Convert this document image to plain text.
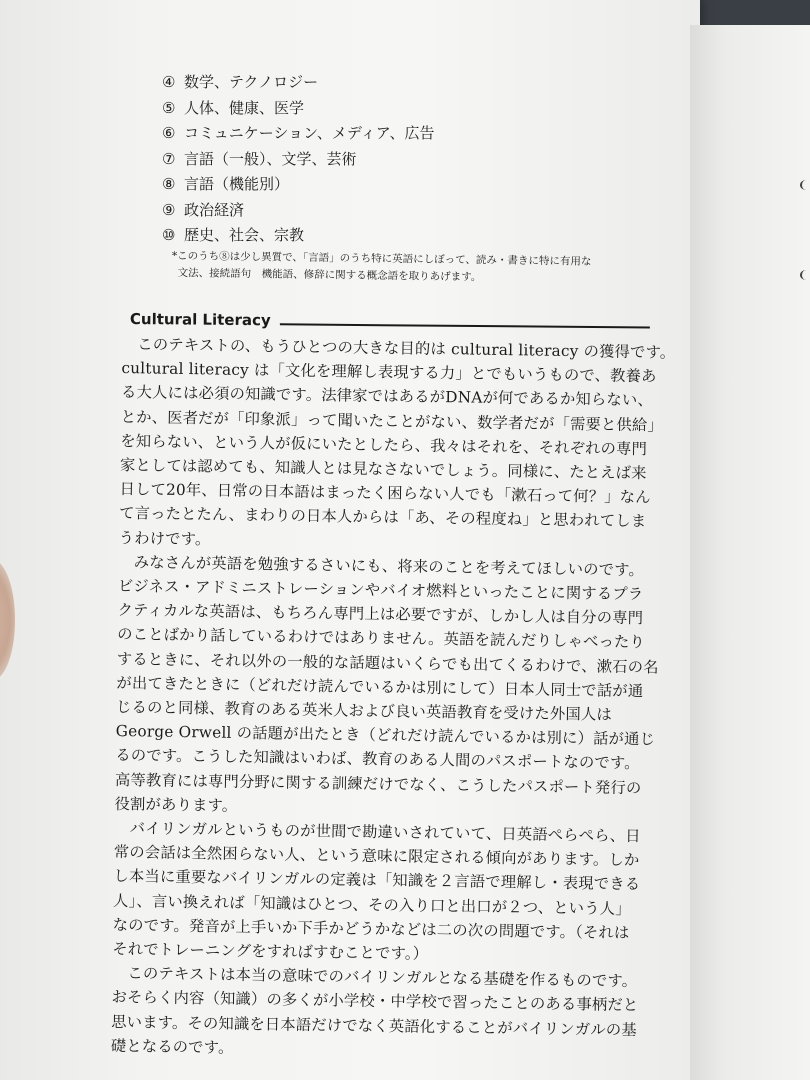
④ 数学、テクノロジー
⑤ 人体、健康、医学
⑥ コミュニケーション、メディア、広告
⑦ 言語（一般）、文学、芸術
⑧ 言語（機能別）
⑨ 政治経済
⑩ 歴史、社会、宗教
*このうち⑧は少し異質で、「言語」のうち特に英語にしぼって、読み・書きに特に有用な
文法、接続語句　機能語、修辞に関する概念語を取りあげます。
Cultural Literacy
　このテキストの、もうひとつの大きな目的は cultural literacy の獲得です。
cultural literacy は「文化を理解し表現する力」とでもいうもので、教養あ
る大人には必須の知識です。法律家ではあるがDNAが何であるか知らない、
とか、医者だが「印象派」って聞いたことがない、数学者だが「需要と供給」
を知らない、という人が仮にいたとしたら、我々はそれを、それぞれの専門
家としては認めても、知識人とは見なさないでしょう。同様に、たとえば来
日して20年、日常の日本語はまったく困らない人でも「漱石って何？」なん
て言ったとたん、まわりの日本人からは「あ、その程度ね」と思われてしま
うわけです。
　みなさんが英語を勉強するさいにも、将来のことを考えてほしいのです。
ビジネス・アドミニストレーションやバイオ燃料といったことに関するプラ
クティカルな英語は、もちろん専門上は必要ですが、しかし人は自分の専門
のことばかり話しているわけではありません。英語を読んだりしゃべったり
するときに、それ以外の一般的な話題はいくらでも出てくるわけで、漱石の名
が出てきたときに（どれだけ読んでいるかは別にして）日本人同士で話が通
じるのと同様、教育のある英米人および良い英語教育を受けた外国人は
George Orwell の話題が出たとき（どれだけ読んでいるかは別に）話が通じ
るのです。こうした知識はいわば、教育のある人間のパスポートなのです。
高等教育には専門分野に関する訓練だけでなく、こうしたパスポート発行の
役割があります。
　バイリンガルというものが世間で勘違いされていて、日英語ぺらぺら、日
常の会話は全然困らない人、という意味に限定される傾向があります。しか
し本当に重要なバイリンガルの定義は「知識を２言語で理解し・表現できる
人」、言い換えれば「知識はひとつ、その入り口と出口が２つ、という人」
なのです。発音が上手いか下手かどうかなどは二の次の問題です。（それは
それでトレーニングをすればすむことです。）
　このテキストは本当の意味でのバイリンガルとなる基礎を作るものです。
おそらく内容（知識）の多くが小学校・中学校で習ったことのある事柄だと
思います。その知識を日本語だけでなく英語化することがバイリンガルの基
礎となるのです。
